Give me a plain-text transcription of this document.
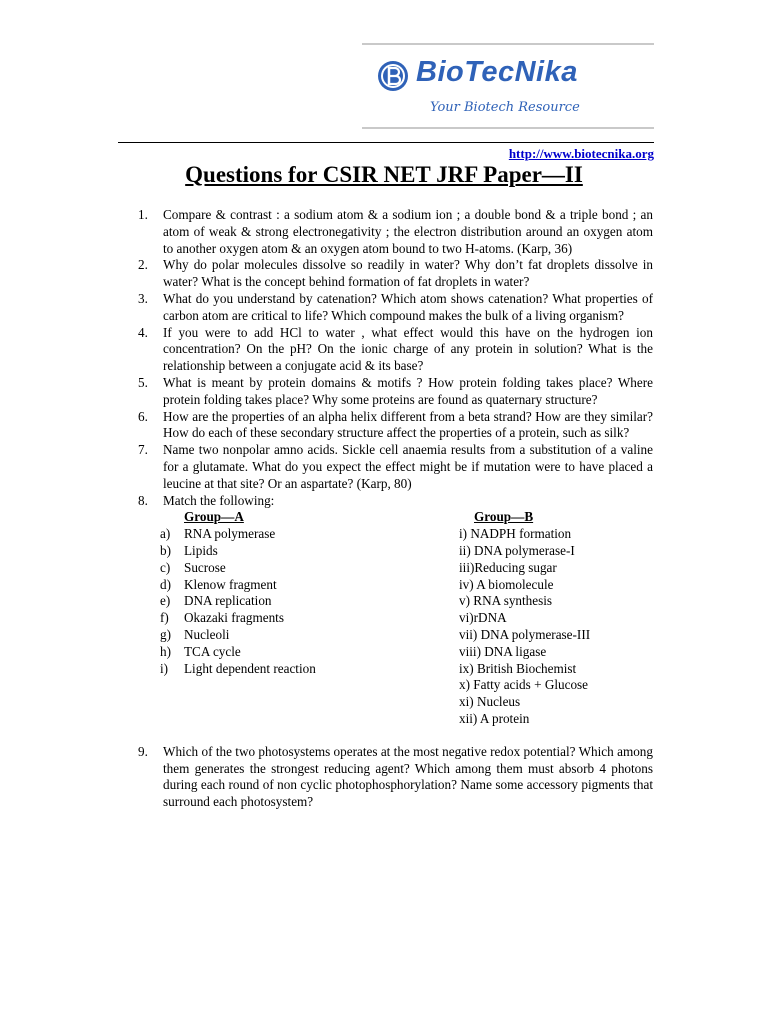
BioTecNika
Your Biotech Resource
http://www.biotecnika.org
Questions for CSIR NET JRF Paper—II
1. Compare & contrast : a sodium atom & a sodium ion ; a double bond & a triple bond ; an atom of weak & strong electronegativity ; the electron distribution around an oxygen atom to another oxygen atom & an oxygen atom bound to two H-atoms. (Karp, 36)
2. Why do polar molecules dissolve so readily in water? Why don’t fat droplets dissolve in water? What is the concept behind formation of fat droplets in water?
3. What do you understand by catenation? Which atom shows catenation? What properties of carbon atom are critical to life? Which compound makes the bulk of a living organism?
4. If you were to add HCl to water , what effect would this have on the hydrogen ion concentration? On the pH? On the ionic charge of any protein in solution? What is the relationship between a conjugate acid & its base?
5. What is meant by protein domains & motifs ? How protein folding takes place? Where protein folding takes place? Why some proteins are found as quaternary structure?
6. How are the properties of an alpha helix different from a beta strand? How are they similar? How do each of these secondary structure affect the properties of a protein, such as silk?
7. Name two nonpolar amno acids. Sickle cell anaemia results from a substitution of a valine for a glutamate. What do you expect the effect might be if mutation were to have placed a leucine at that site? Or an aspartate? (Karp, 80)
8. Match the following:
Group—A	Group—B
a) RNA polymerase	i) NADPH formation
b) Lipids	ii) DNA polymerase-I
c) Sucrose	iii)Reducing sugar
d) Klenow fragment	iv) A biomolecule
e) DNA replication	v) RNA synthesis
f) Okazaki fragments	vi)rDNA
g) Nucleoli	vii) DNA polymerase-III
h) TCA cycle	viii) DNA ligase
i) Light dependent reaction	ix) British Biochemist
x) Fatty acids + Glucose
xi) Nucleus
xii) A protein
9. Which of the two photosystems operates at the most negative redox potential? Which among them generates the strongest reducing agent? Which among them must absorb 4 photons during each round of non cyclic photophosphorylation? Name some accessory pigments that surround each photosystem?
